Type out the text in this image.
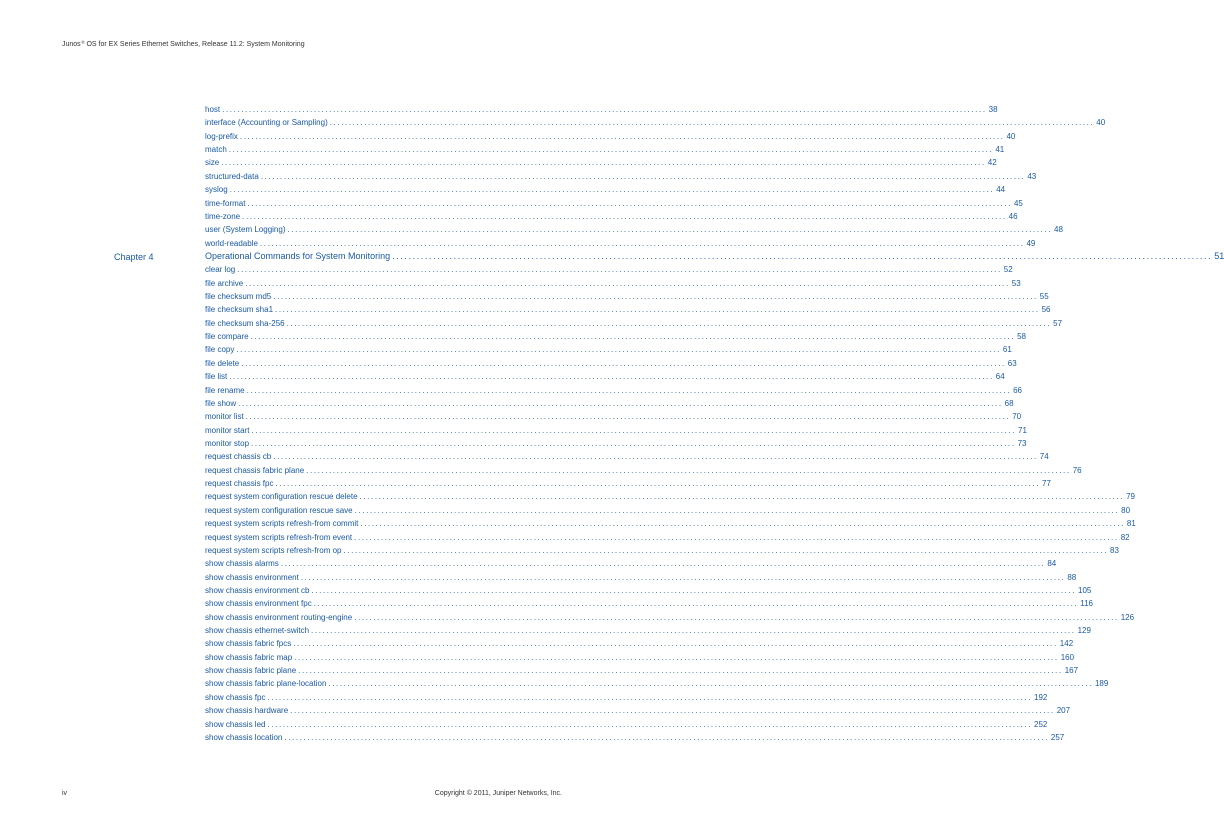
Junos® OS for EX Series Ethernet Switches, Release 11.2: System Monitoring
Chapter 4
host ........................................................................................................................................................................................................ 38
interface (Accounting or Sampling) ........................................................................................................................................................................................................ 40
log-prefix ........................................................................................................................................................................................................ 40
match ........................................................................................................................................................................................................ 41
size ........................................................................................................................................................................................................ 42
structured-data ........................................................................................................................................................................................................ 43
syslog ........................................................................................................................................................................................................ 44
time-format ........................................................................................................................................................................................................ 45
time-zone ........................................................................................................................................................................................................ 46
user (System Logging) ........................................................................................................................................................................................................ 48
world-readable ........................................................................................................................................................................................................ 49
Operational Commands for System Monitoring ........................................................................................................................................................................................................ 51
clear log ........................................................................................................................................................................................................ 52
file archive ........................................................................................................................................................................................................ 53
file checksum md5 ........................................................................................................................................................................................................ 55
file checksum sha1 ........................................................................................................................................................................................................ 56
file checksum sha-256 ........................................................................................................................................................................................................ 57
file compare ........................................................................................................................................................................................................ 58
file copy ........................................................................................................................................................................................................ 61
file delete ........................................................................................................................................................................................................ 63
file list ........................................................................................................................................................................................................ 64
file rename ........................................................................................................................................................................................................ 66
file show ........................................................................................................................................................................................................ 68
monitor list ........................................................................................................................................................................................................ 70
monitor start ........................................................................................................................................................................................................ 71
monitor stop ........................................................................................................................................................................................................ 73
request chassis cb ........................................................................................................................................................................................................ 74
request chassis fabric plane ........................................................................................................................................................................................................ 76
request chassis fpc ........................................................................................................................................................................................................ 77
request system configuration rescue delete ........................................................................................................................................................................................................ 79
request system configuration rescue save ........................................................................................................................................................................................................ 80
request system scripts refresh-from commit ........................................................................................................................................................................................................ 81
request system scripts refresh-from event ........................................................................................................................................................................................................ 82
request system scripts refresh-from op ........................................................................................................................................................................................................ 83
show chassis alarms ........................................................................................................................................................................................................ 84
show chassis environment ........................................................................................................................................................................................................ 88
show chassis environment cb ........................................................................................................................................................................................................ 105
show chassis environment fpc ........................................................................................................................................................................................................ 116
show chassis environment routing-engine ........................................................................................................................................................................................................ 126
show chassis ethernet-switch ........................................................................................................................................................................................................ 129
show chassis fabric fpcs ........................................................................................................................................................................................................ 142
show chassis fabric map ........................................................................................................................................................................................................ 160
show chassis fabric plane ........................................................................................................................................................................................................ 167
show chassis fabric plane-location ........................................................................................................................................................................................................ 189
show chassis fpc ........................................................................................................................................................................................................ 192
show chassis hardware ........................................................................................................................................................................................................ 207
show chassis led ........................................................................................................................................................................................................ 252
show chassis location ........................................................................................................................................................................................................ 257
iv	Copyright © 2011, Juniper Networks, Inc.
